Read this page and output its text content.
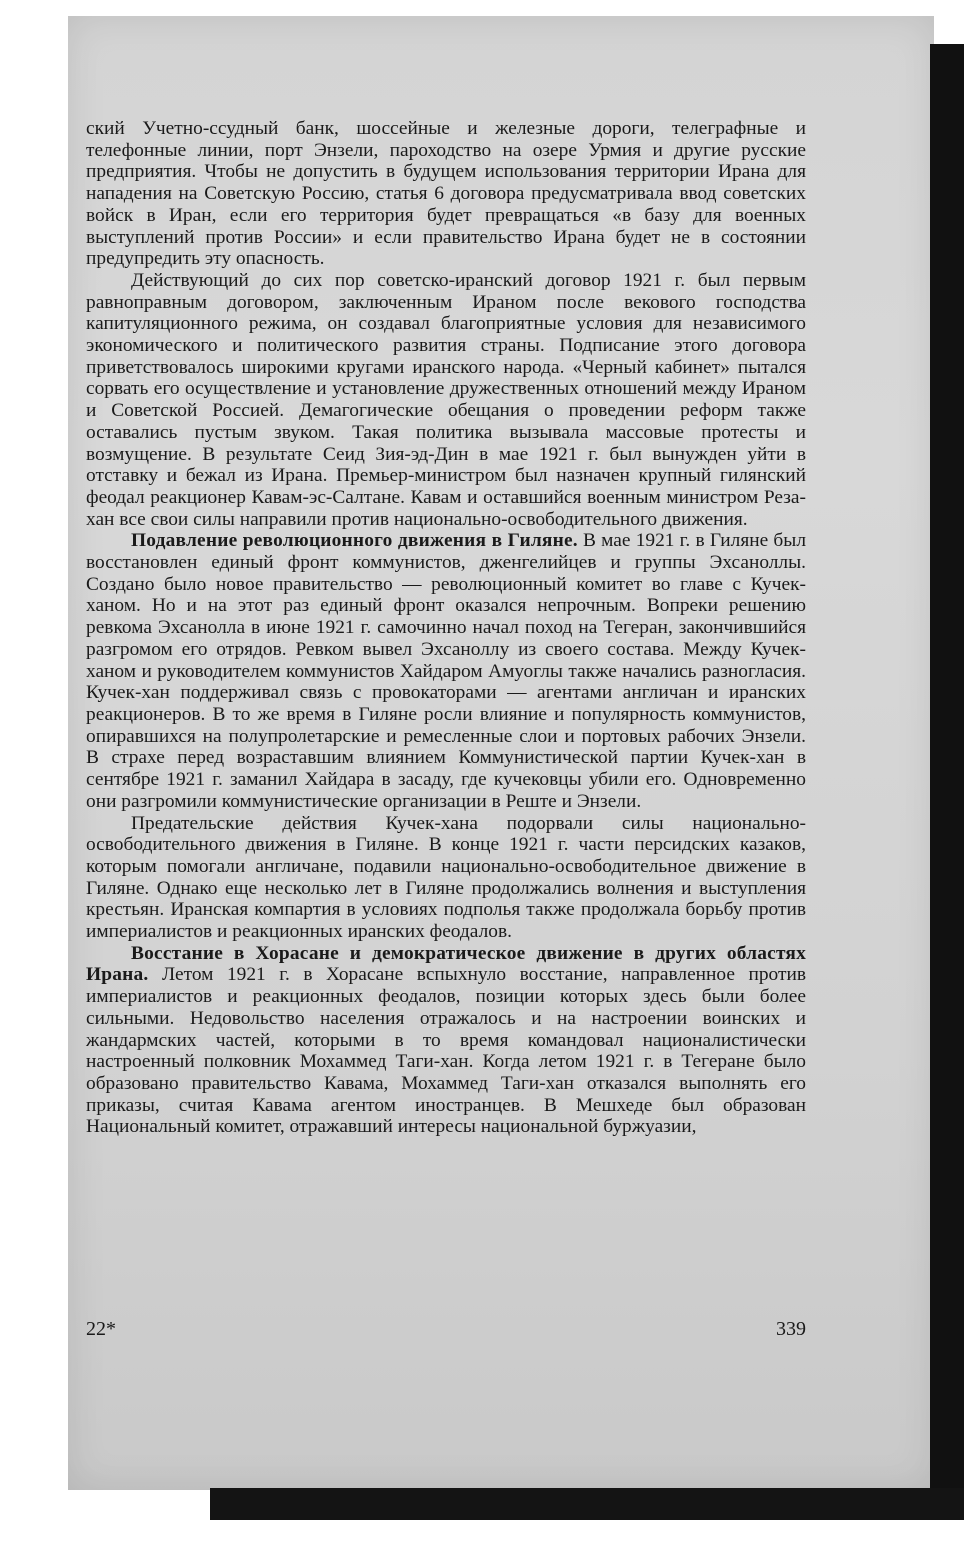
ский Учетно-ссудный банк, шоссейные и железные дороги, телеграфные и телефонные линии, порт Энзели, пароходство на озере Урмия и другие русские предприятия. Чтобы не допустить в будущем использования территории Ирана для нападения на Советскую Россию, статья 6 договора предусматривала ввод советских войск в Иран, если его территория будет превращаться «в базу для военных выступлений против России» и если правительство Ирана будет не в состоянии предупредить эту опасность.

Действующий до сих пор советско-иранский договор 1921 г. был первым равноправным договором, заключенным Ираном после векового господства капитуляционного режима, он создавал благоприятные условия для независимого экономического и политического развития страны. Подписание этого договора приветствовалось широкими кругами иранского народа. «Черный кабинет» пытался сорвать его осуществление и установление дружественных отношений между Ираном и Советской Россией. Демагогические обещания о проведении реформ также оставались пустым звуком. Такая политика вызывала массовые протесты и возмущение. В результате Сеид Зия-эд-Дин в мае 1921 г. был вынужден уйти в отставку и бежал из Ирана. Премьер-министром был назначен крупный гилянский феодал реакционер Кавам-эс-Салтане. Кавам и оставшийся военным министром Реза-хан все свои силы направили против национально-освободительного движения.

Подавление революционного движения в Гиляне. В мае 1921 г. в Гиляне был восстановлен единый фронт коммунистов, дженгелийцев и группы Эхсаноллы. Создано было новое правительство — революционный комитет во главе с Кучек-ханом. Но и на этот раз единый фронт оказался непрочным. Вопреки решению ревкома Эхсанолла в июне 1921 г. самочинно начал поход на Тегеран, закончившийся разгромом его отрядов. Ревком вывел Эхсаноллу из своего состава. Между Кучек-ханом и руководителем коммунистов Хайдаром Амуоглы также начались разногласия. Кучек-хан поддерживал связь с провокаторами — агентами англичан и иранских реакционеров. В то же время в Гиляне росли влияние и популярность коммунистов, опиравшихся на полупролетарские и ремесленные слои и портовых рабочих Энзели. В страхе перед возраставшим влиянием Коммунистической партии Кучек-хан в сентябре 1921 г. заманил Хайдара в засаду, где кучековцы убили его. Одновременно они разгромили коммунистические организации в Реште и Энзели.

Предательские действия Кучек-хана подорвали силы национально-освободительного движения в Гиляне. В конце 1921 г. части персидских казаков, которым помогали англичане, подавили национально-освободительное движение в Гиляне. Однако еще несколько лет в Гиляне продолжались волнения и выступления крестьян. Иранская компартия в условиях подполья также продолжала борьбу против империалистов и реакционных иранских феодалов.

Восстание в Хорасане и демократическое движение в других областях Ирана. Летом 1921 г. в Хорасане вспыхнуло восстание, направленное против империалистов и реакционных феодалов, позиции которых здесь были более сильными. Недовольство населения отражалось и на настроении воинских и жандармских частей, которыми в то время командовал националистически настроенный полковник Мохаммед Таги-хан. Когда летом 1921 г. в Тегеране было образовано правительство Кавама, Мохаммед Таги-хан отказался выполнять его приказы, считая Кавама агентом иностранцев. В Мешхеде был образован Национальный комитет, отражавший интересы национальной буржуазии,

22*	339
